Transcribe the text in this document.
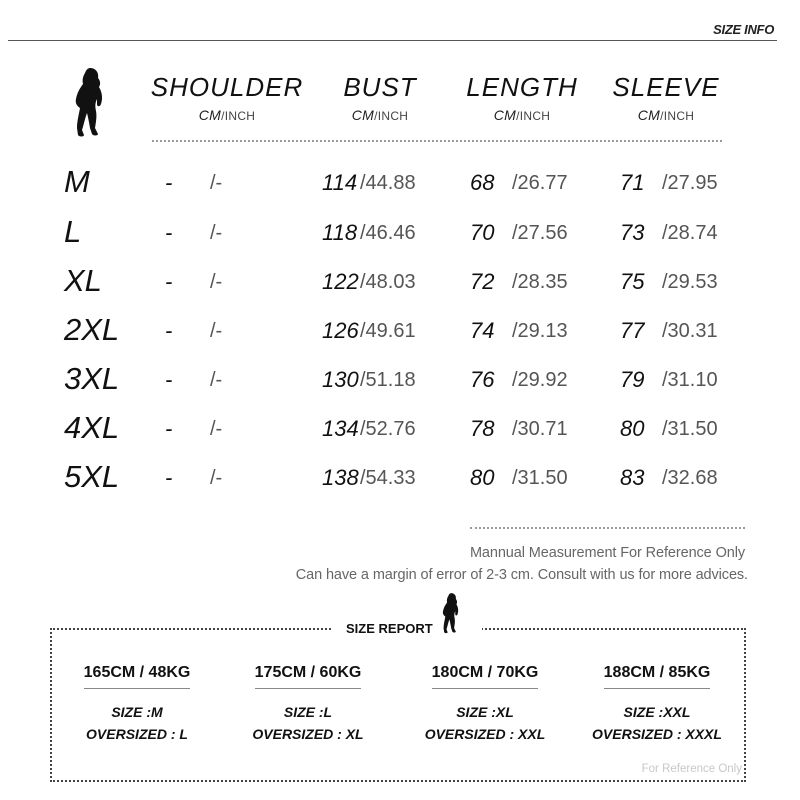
SIZE INFO
SHOULDER
CM/INCH
BUST
CM/INCH
LENGTH
CM/INCH
SLEEVE
CM/INCH
M	- /-	114 /44.88 68 /26.77 71 /27.95
L	- /-	118 /46.46 70 /27.56 73 /28.74
XL	- /-	122 /48.03 72 /28.35 75 /29.53
2XL - /-	126 /49.61 74 /29.13 77 /30.31
3XL - /-	130 /51.18 76 /29.92 79 /31.10
4XL - /-	134 /52.76 78 /30.71 80 /31.50
5XL - /-	138 /54.33 80 /31.50 83 /32.68
Mannual Measurement For Reference Only
Can have a margin of error of 2-3 cm. Consult with us for more advices.
SIZE REPORT
165CM / 48KG
SIZE :M
OVERSIZED : L
175CM / 60KG
SIZE :L
OVERSIZED : XL
180CM / 70KG
SIZE :XL
OVERSIZED : XXL
188CM / 85KG
SIZE :XXL
OVERSIZED : XXXL
For Reference Only
